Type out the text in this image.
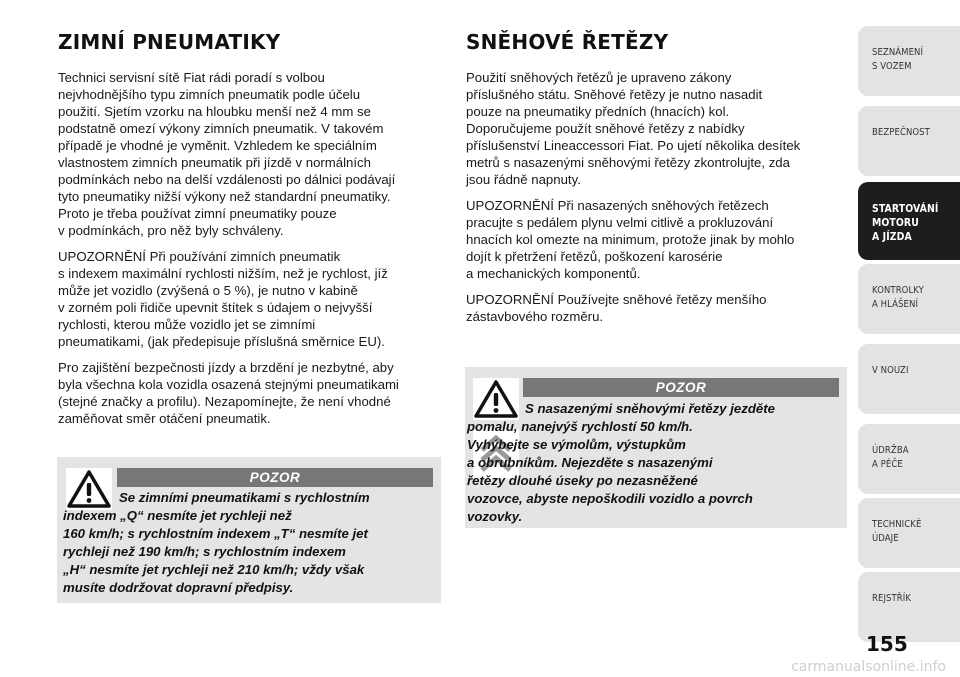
ZIMNÍ PNEUMATIKY

Technici servisní sítě Fiat rádi poradí s volbou
nejvhodnějšího typu zimních pneumatik podle účelu
použití. Sjetím vzorku na hloubku menší než 4 mm se
podstatně omezí výkony zimních pneumatik. V takovém
případě je vhodné je vyměnit. Vzhledem ke speciálním
vlastnostem zimních pneumatik při jízdě v normálních
podmínkách nebo na delší vzdálenosti po dálnici podávají
tyto pneumatiky nižší výkony než standardní pneumatiky.
Proto je třeba používat zimní pneumatiky pouze
v podmínkách, pro něž byly schváleny.

UPOZORNĚNÍ Při používání zimních pneumatik
s indexem maximální rychlosti nižším, než je rychlost, jíž
může jet vozidlo (zvýšená o 5 %), je nutno v kabině
v zorném poli řidiče upevnit štítek s údajem o nejvyšší
rychlosti, kterou může vozidlo jet se zimními
pneumatikami, (jak předepisuje příslušná směrnice EU).

Pro zajištění bezpečnosti jízdy a brzdění je nezbytné, aby
byla všechna kola vozidla osazená stejnými pneumatikami
(stejné značky a profilu). Nezapomínejte, že není vhodné
zaměňovat směr otáčení pneumatik.

POZOR

Se zimními pneumatikami s rychlostním
indexem „Q“ nesmíte jet rychleji než
160 km/h; s rychlostním indexem „T“ nesmíte jet
rychleji než 190 km/h; s rychlostním indexem
„H“ nesmíte jet rychleji než 210 km/h; vždy však
musíte dodržovat dopravní předpisy.

SNĚHOVÉ ŘETĚZY

Použití sněhových řetězů je upraveno zákony
příslušného státu. Sněhové řetězy je nutno nasadit
pouze na pneumatiky předních (hnacích) kol.
Doporučujeme použít sněhové řetězy z nabídky
příslušenství Lineaccessori Fiat. Po ujetí několika desítek
metrů s nasazenými sněhovými řetězy zkontrolujte, zda
jsou řádně napnuty.

UPOZORNĚNÍ Při nasazených sněhových řetězech
pracujte s pedálem plynu velmi citlivě a prokluzování
hnacích kol omezte na minimum, protože jinak by mohlo
dojít k přetržení řetězů, poškození karosérie
a mechanických komponentů.

UPOZORNĚNÍ Používejte sněhové řetězy menšího
zástavbového rozměru.

POZOR

S nasazenými sněhovými řetězy jezděte
pomalu, nanejvýš rychlostí 50 km/h.
Vyhýbejte se výmolům, výstupkům
a obrubníkům. Nejezděte s nasazenými
řetězy dlouhé úseky po nezasněžené
vozovce, abyste nepoškodili vozidlo a povrch
vozovky.

SEZNÁMENÍ
S VOZEM
BEZPEČNOST
STARTOVÁNÍ
MOTORU
A JÍZDA
KONTROLKY
A HLÁŠENÍ
V NOUZI
ÚDRŽBA
A PÉČE
TECHNICKÉ
ÚDAJE
REJSTŘÍK
155
carmanualsonline.info
